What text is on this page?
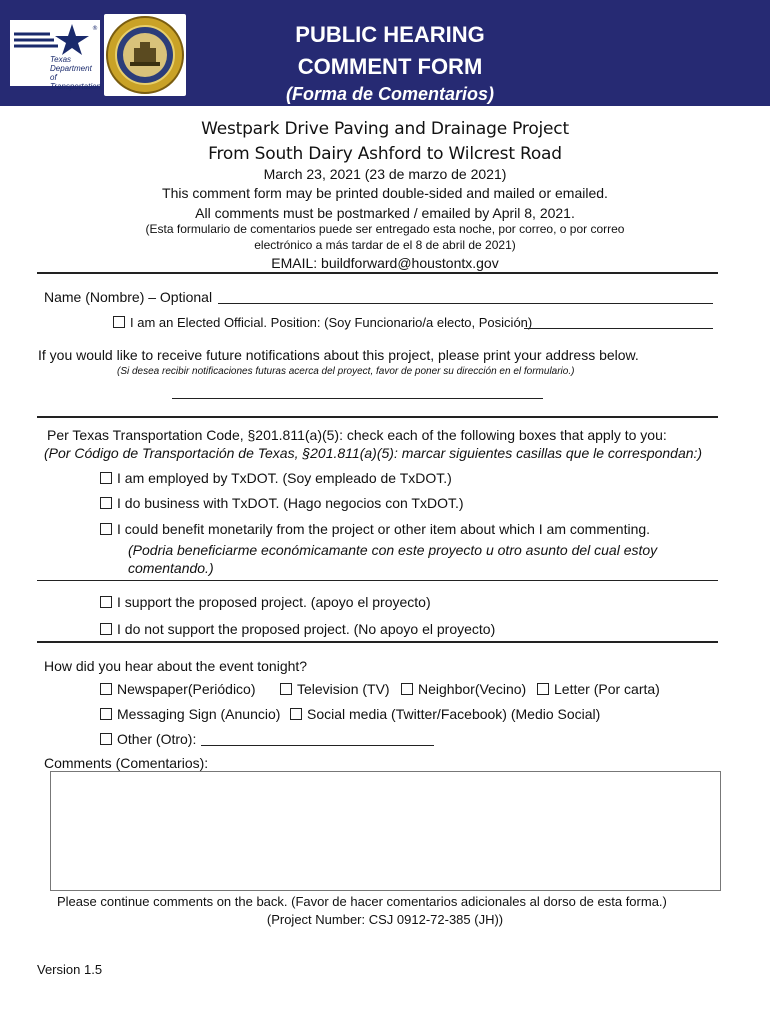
®
Texas
Department
of Transportation
PUBLIC HEARING
COMMENT FORM
(Forma de Comentarios)
Westpark Drive Paving and Drainage Project
From South Dairy Ashford to Wilcrest Road
March 23, 2021 (23 de marzo de 2021)
This comment form may be printed double-sided and mailed or emailed.
All comments must be postmarked / emailed by April 8, 2021.
(Esta formulario de comentarios puede ser entregado esta noche, por correo, o por correo
electrónico a más tardar de el 8 de abril de 2021)
EMAIL: buildforward@houstontx.gov
Name (Nombre) – Optional
I am an Elected Official. Position: (Soy Funcionario/a electo, Posición)
If you would like to receive future notifications about this project, please print your address below.
(Si desea recibir notificaciones futuras acerca del proyect, favor de poner su dirección en el formulario.)
Per Texas Transportation Code, §201.811(a)(5): check each of the following boxes that apply to you:
(Por Código de Transportación de Texas, §201.811(a)(5): marcar siguientes casillas que le correspondan:)
I am employed by TxDOT. (Soy empleado de TxDOT.)
I do business with TxDOT. (Hago negocios con TxDOT.)
I could benefit monetarily from the project or other item about which I am commenting.
(Podria beneficiarme económicamante con este proyecto u otro asunto del cual estoy
comentando.)
I support the proposed project. (apoyo el proyecto)
I do not support the proposed project. (No apoyo el proyecto)
How did you hear about the event tonight?
Newspaper(Periódico)	Television (TV)	Neighbor(Vecino)	Letter (Por carta)
Messaging Sign (Anuncio)	Social media (Twitter/Facebook) (Medio Social)
Other (Otro):
Comments (Comentarios):
Please continue comments on the back. (Favor de hacer comentarios adicionales al dorso de esta forma.)
(Project Number: CSJ 0912-72-385 (JH))
Version 1.5
